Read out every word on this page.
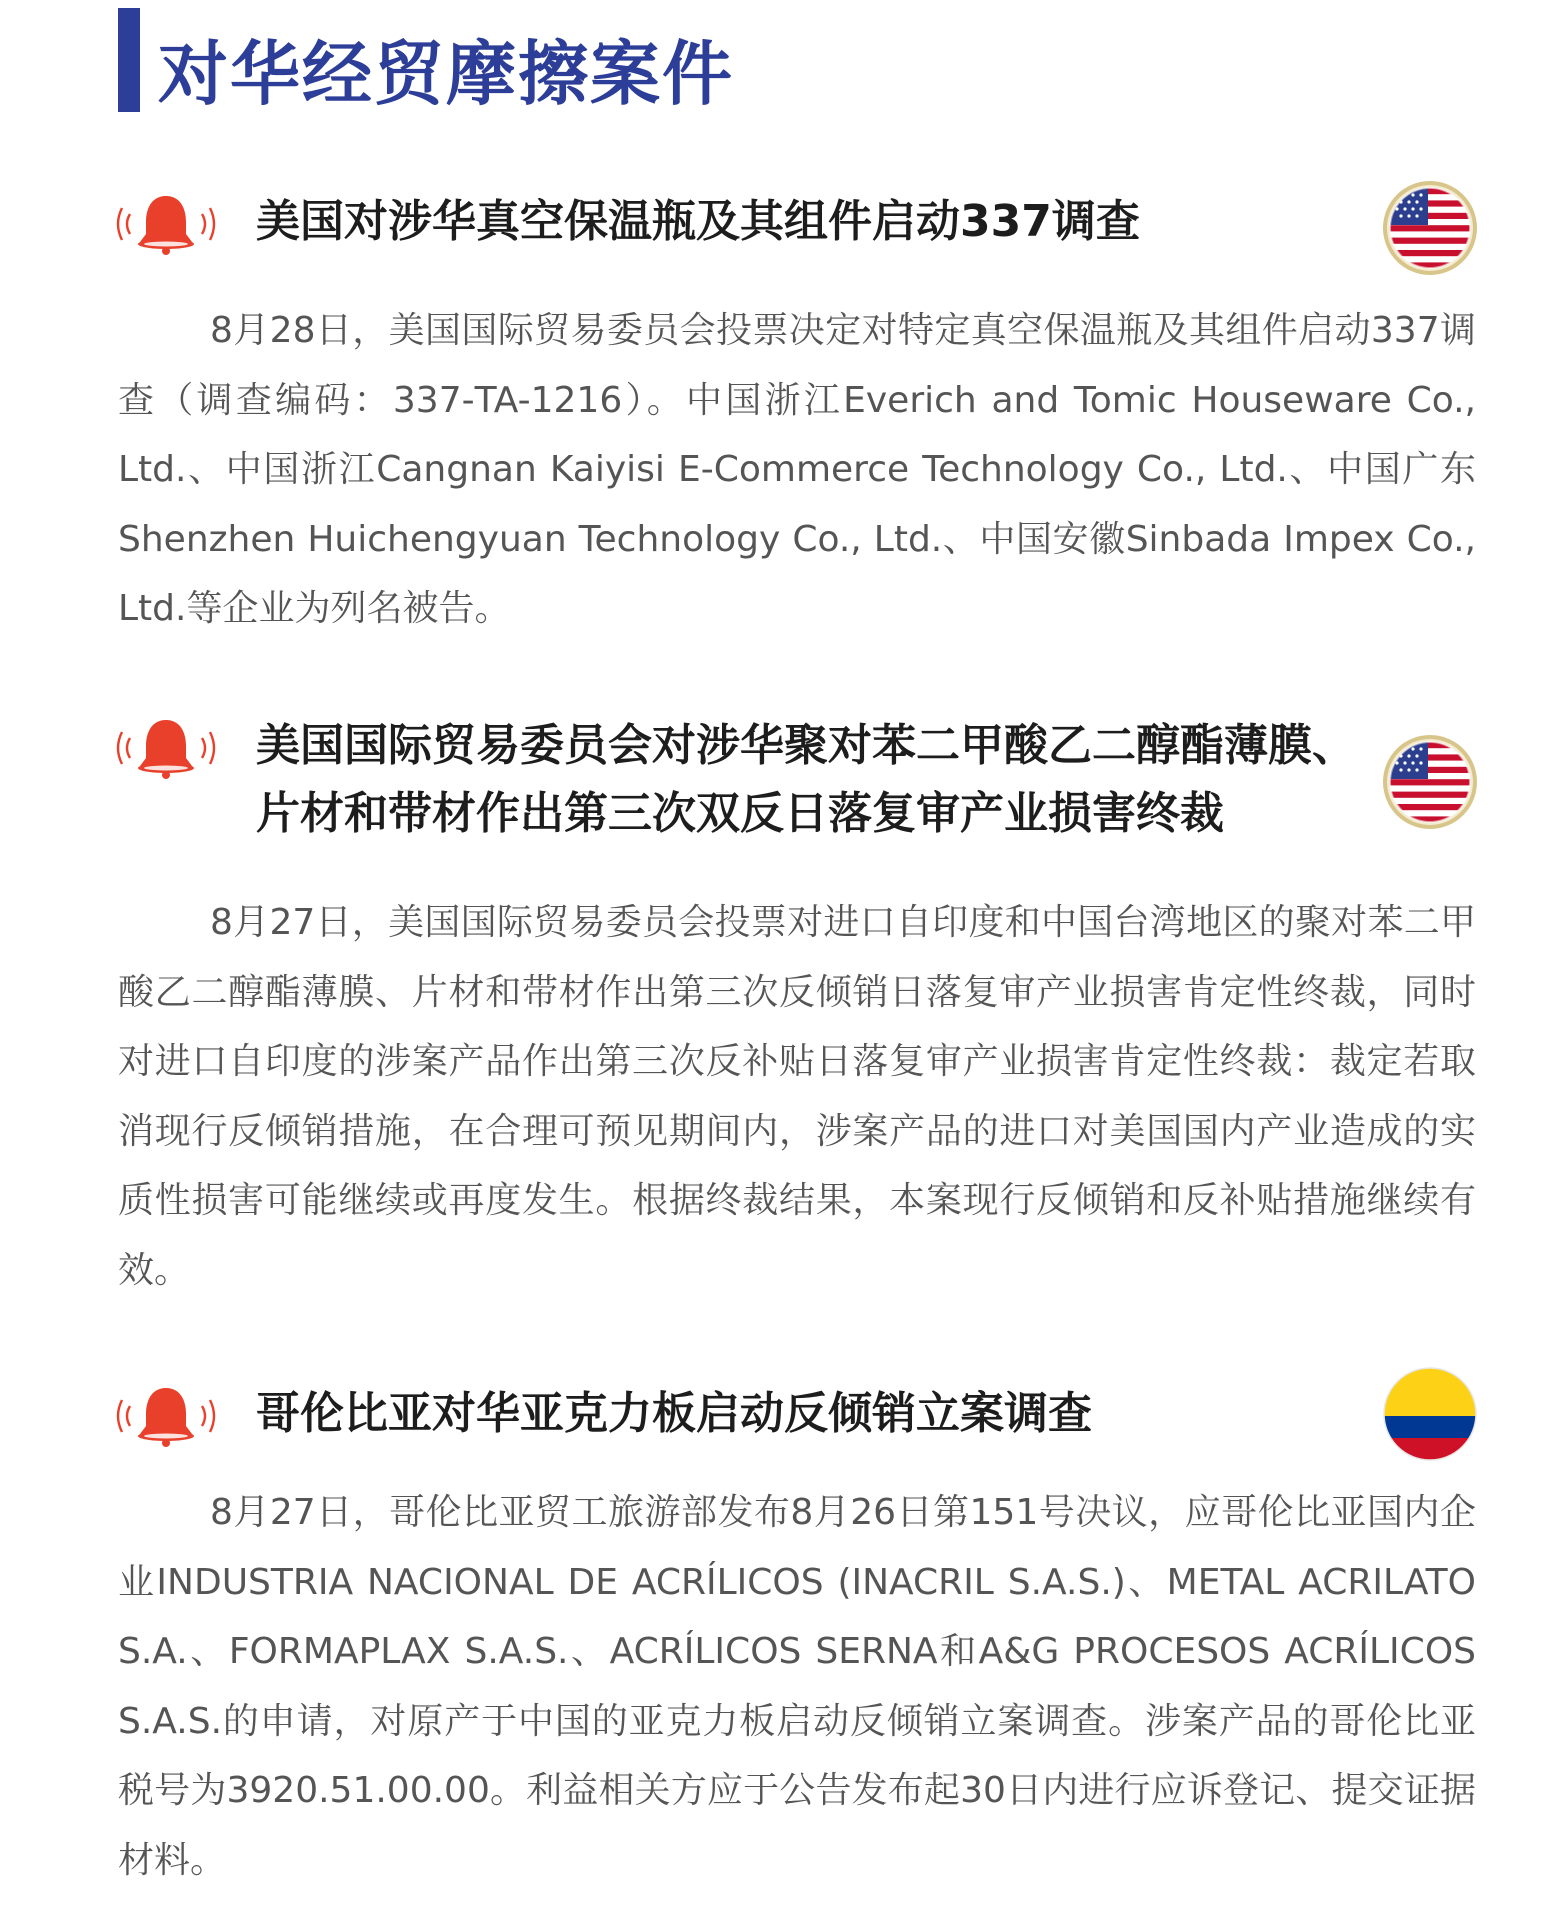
对华经贸摩擦案件
美国对涉华真空保温瓶及其组件启动337调查

8月28日，美国国际贸易委员会投票决定对特定真空保温瓶及其组件启动337调查（调查编码：337-TA-1216）。中国浙江Everich and Tomic Houseware Co., Ltd.、中国浙江Cangnan Kaiyisi E-Commerce Technology Co., Ltd.、中国广东Shenzhen Huichengyuan Technology Co., Ltd.、中国安徽Sinbada Impex Co., Ltd.等企业为列名被告。

美国国际贸易委员会对涉华聚对苯二甲酸乙二醇酯薄膜、片材和带材作出第三次双反日落复审产业损害终裁

8月27日，美国国际贸易委员会投票对进口自印度和中国台湾地区的聚对苯二甲酸乙二醇酯薄膜、片材和带材作出第三次反倾销日落复审产业损害肯定性终裁，同时对进口自印度的涉案产品作出第三次反补贴日落复审产业损害肯定性终裁：裁定若取消现行反倾销措施，在合理可预见期间内，涉案产品的进口对美国国内产业造成的实质性损害可能继续或再度发生。根据终裁结果，本案现行反倾销和反补贴措施继续有效。

哥伦比亚对华亚克力板启动反倾销立案调查

8月27日，哥伦比亚贸工旅游部发布8月26日第151号决议，应哥伦比亚国内企业INDUSTRIA NACIONAL DE ACRÍLICOS (INACRIL S.A.S.)、METAL ACRILATO S.A.、FORMAPLAX S.A.S.、ACRÍLICOS SERNA和A&G PROCESOS ACRÍLICOS S.A.S.的申请，对原产于中国的亚克力板启动反倾销立案调查。涉案产品的哥伦比亚税号为3920.51.00.00。利益相关方应于公告发布起30日内进行应诉登记、提交证据材料。
